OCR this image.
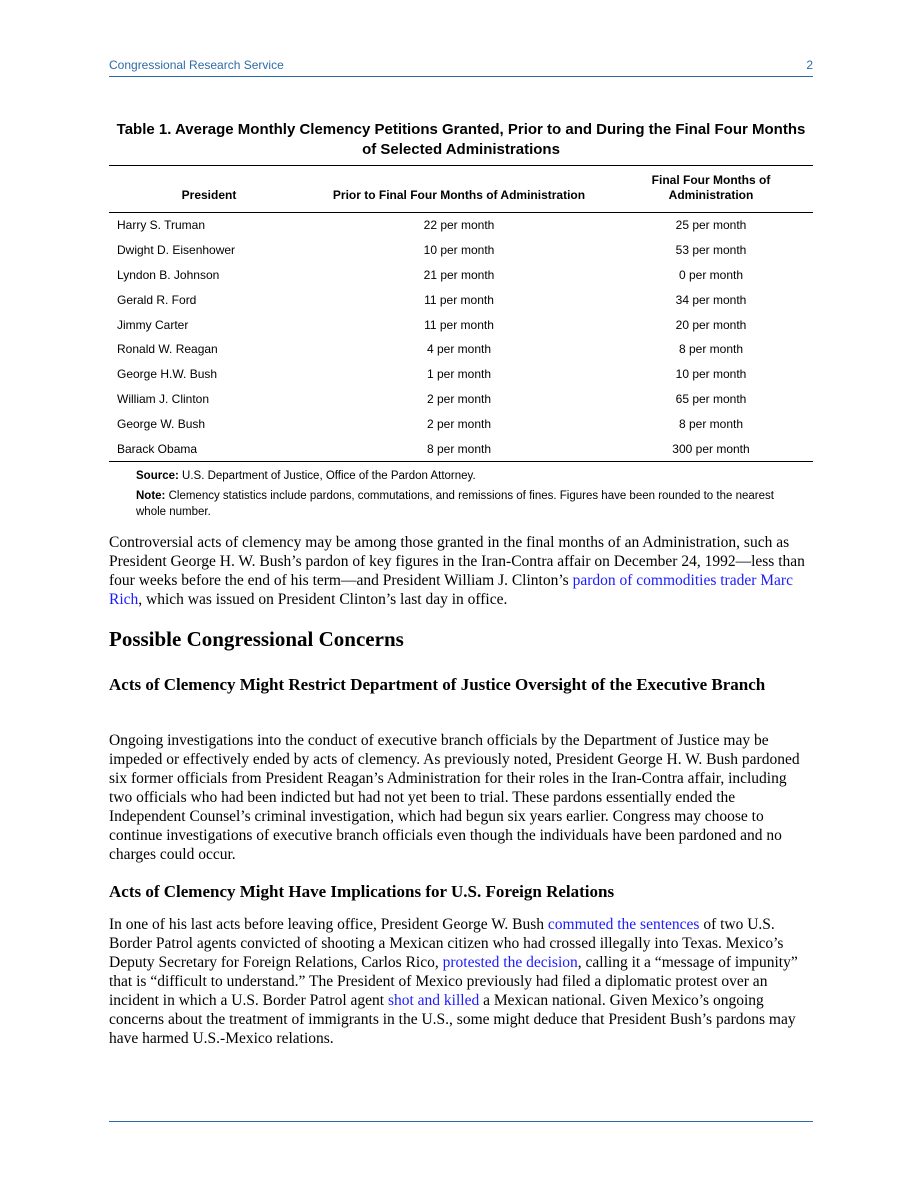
Congressional Research Service	2
Table 1. Average Monthly Clemency Petitions Granted, Prior to and During the Final Four Months of Selected Administrations
President	Prior to Final Four Months of Administration	Final Four Months of Administration
Harry S. Truman	22 per month	25 per month
Dwight D. Eisenhower	10 per month	53 per month
Lyndon B. Johnson	21 per month	0 per month
Gerald R. Ford	11 per month	34 per month
Jimmy Carter	11 per month	20 per month
Ronald W. Reagan	4 per month	8 per month
George H.W. Bush	1 per month	10 per month
William J. Clinton	2 per month	65 per month
George W. Bush	2 per month	8 per month
Barack Obama	8 per month	300 per month

Source: U.S. Department of Justice, Office of the Pardon Attorney.

Note: Clemency statistics include pardons, commutations, and remissions of fines. Figures have been rounded to the nearest whole number.

Controversial acts of clemency may be among those granted in the final months of an Administration, such as President George H. W. Bush’s pardon of key figures in the Iran-Contra affair on December 24, 1992—less than four weeks before the end of his term—and President William J. Clinton’s pardon of commodities trader Marc Rich, which was issued on President Clinton’s last day in office.
Possible Congressional Concerns
Acts of Clemency Might Restrict Department of Justice Oversight of the Executive Branch
Ongoing investigations into the conduct of executive branch officials by the Department of Justice may be impeded or effectively ended by acts of clemency. As previously noted, President George H. W. Bush pardoned six former officials from President Reagan’s Administration for their roles in the Iran-Contra affair, including two officials who had been indicted but had not yet been to trial. These pardons essentially ended the Independent Counsel’s criminal investigation, which had begun six years earlier. Congress may choose to continue investigations of executive branch officials even though the individuals have been pardoned and no charges could occur.
Acts of Clemency Might Have Implications for U.S. Foreign Relations
In one of his last acts before leaving office, President George W. Bush commuted the sentences of two U.S. Border Patrol agents convicted of shooting a Mexican citizen who had crossed illegally into Texas. Mexico’s Deputy Secretary for Foreign Relations, Carlos Rico, protested the decision, calling it a “message of impunity” that is “difficult to understand.” The President of Mexico previously had filed a diplomatic protest over an incident in which a U.S. Border Patrol agent shot and killed a Mexican national. Given Mexico’s ongoing concerns about the treatment of immigrants in the U.S., some might deduce that President Bush’s pardons may have harmed U.S.-Mexico relations.
